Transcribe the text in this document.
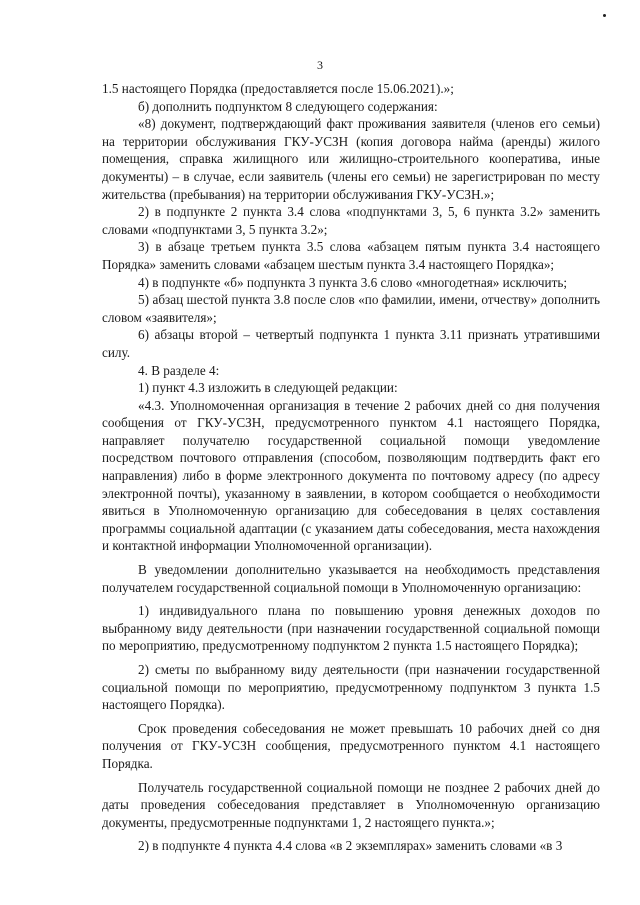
3

1.5 настоящего Порядка (предоставляется после 15.06.2021).»;

б) дополнить подпунктом 8 следующего содержания:

«8) документ, подтверждающий факт проживания заявителя (членов его семьи) на территории обслуживания ГКУ-УСЗН (копия договора найма (аренды) жилого помещения, справка жилищного или жилищно-строительного кооператива, иные документы) – в случае, если заявитель (члены его семьи) не зарегистрирован по месту жительства (пребывания) на территории обслуживания ГКУ-УСЗН.»;

2) в подпункте 2 пункта 3.4 слова «подпунктами 3, 5, 6 пункта 3.2» заменить словами «подпунктами 3, 5 пункта 3.2»;

3) в абзаце третьем пункта 3.5 слова «абзацем пятым пункта 3.4 настоящего Порядка» заменить словами «абзацем шестым пункта 3.4 настоящего Порядка»;

4) в подпункте «б» подпункта 3 пункта 3.6 слово «многодетная» исключить;

5) абзац шестой пункта 3.8 после слов «по фамилии, имени, отчеству» дополнить словом «заявителя»;

6) абзацы второй – четвертый подпункта 1 пункта 3.11 признать утратившими силу.

4. В разделе 4:

1) пункт 4.3 изложить в следующей редакции:

«4.3. Уполномоченная организация в течение 2 рабочих дней со дня получения сообщения от ГКУ-УСЗН, предусмотренного пунктом 4.1 настоящего Порядка, направляет получателю государственной социальной помощи уведомление посредством почтового отправления (способом, позволяющим подтвердить факт его направления) либо в форме электронного документа по почтовому адресу (по адресу электронной почты), указанному в заявлении, в котором сообщается о необходимости явиться в Уполномоченную организацию для собеседования в целях составления программы социальной адаптации (с указанием даты собеседования, места нахождения и контактной информации Уполномоченной организации).

В уведомлении дополнительно указывается на необходимость представления получателем государственной социальной помощи в Уполномоченную организацию:

1) индивидуального плана по повышению уровня денежных доходов по выбранному виду деятельности (при назначении государственной социальной помощи по мероприятию, предусмотренному подпунктом 2 пункта 1.5 настоящего Порядка);

2) сметы по выбранному виду деятельности (при назначении государственной социальной помощи по мероприятию, предусмотренному подпунктом 3 пункта 1.5 настоящего Порядка).

Срок проведения собеседования не может превышать 10 рабочих дней со дня получения от ГКУ-УСЗН сообщения, предусмотренного пунктом 4.1 настоящего Порядка.

Получатель государственной социальной помощи не позднее 2 рабочих дней до даты проведения собеседования представляет в Уполномоченную организацию документы, предусмотренные подпунктами 1, 2 настоящего пункта.»;

2) в подпункте 4 пункта 4.4 слова «в 2 экземплярах» заменить словами «в 3
